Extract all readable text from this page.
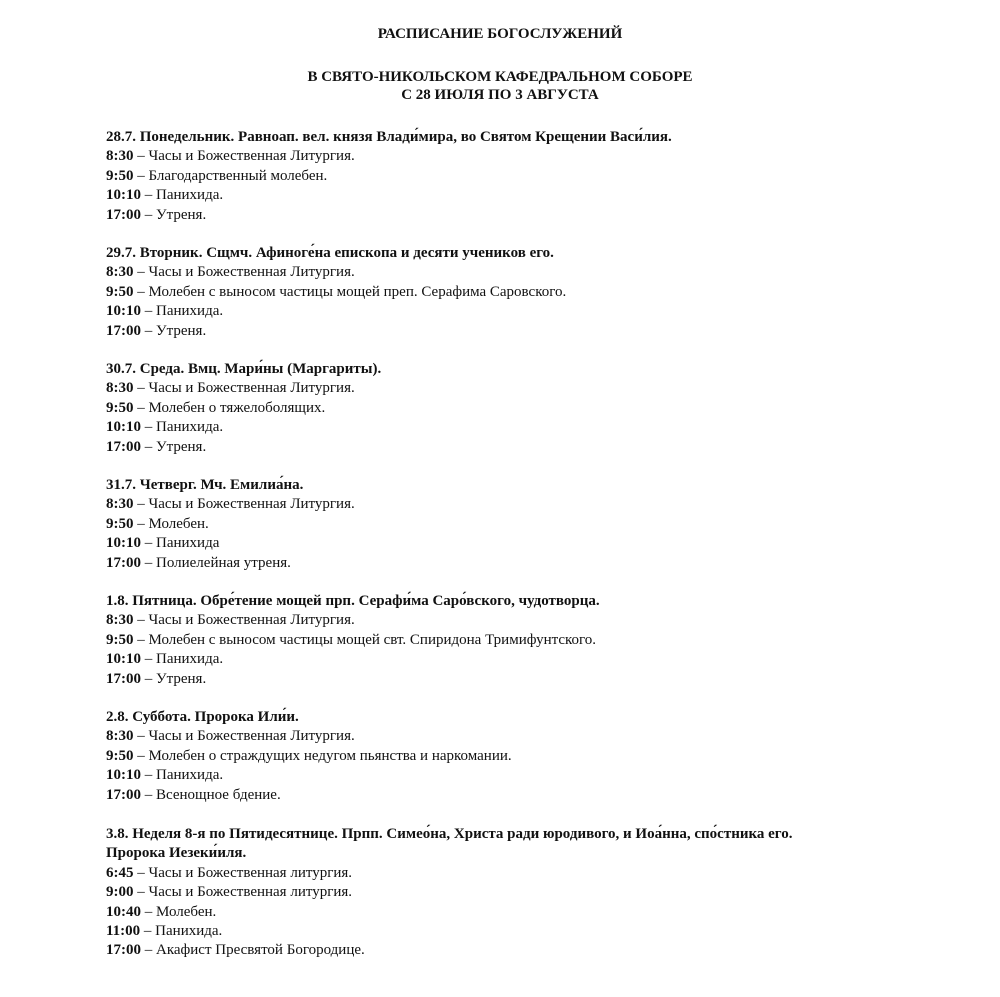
РАСПИСАНИЕ БОГОСЛУЖЕНИЙ
В СВЯТО-НИКОЛЬСКОМ КАФЕДРАЛЬНОМ СОБОРЕ
С 28 ИЮЛЯ ПО 3 АВГУСТА
28.7. Понедельник. Равноап. вел. князя Влади́мира, во Святом Крещении Васи́лия.
8:30 – Часы и Божественная Литургия.
9:50 – Благодарственный молебен.
10:10 – Панихида.
17:00 – Утреня.
29.7. Вторник. Сщмч. Афиноге́на епископа и десяти учеников его.
8:30 – Часы и Божественная Литургия.
9:50 – Молебен с выносом частицы мощей преп. Серафима Саровского.
10:10 – Панихида.
17:00 – Утреня.
30.7. Среда. Вмц. Мари́ны (Маргариты).
8:30 – Часы и Божественная Литургия.
9:50 – Молебен о тяжелоболящих.
10:10 – Панихида.
17:00 – Утреня.
31.7. Четверг. Мч. Емилиа́на.
8:30 – Часы и Божественная Литургия.
9:50 – Молебен.
10:10 – Панихида
17:00 – Полиелейная утреня.
1.8. Пятница. Обре́тение мощей прп. Серафи́ма Саро́вского, чудотворца.
8:30 – Часы и Божественная Литургия.
9:50 – Молебен с выносом частицы мощей свт. Спиридона Тримифунтского.
10:10 – Панихида.
17:00 – Утреня.
2.8. Суббота. Пророка Или́и.
8:30 – Часы и Божественная Литургия.
9:50 – Молебен о страждущих недугом пьянства и наркомании.
10:10 – Панихида.
17:00 – Всенощное бдение.
3.8. Неделя 8-я по Пятидесятнице. Прпп. Симео́на, Христа ради юродивого, и Иоа́нна, спо́стника его.
Пророка Иезеки́иля.
6:45 – Часы и Божественная литургия.
9:00 – Часы и Божественная литургия.
10:40 – Молебен.
11:00 – Панихида.
17:00 – Акафист Пресвятой Богородице.
